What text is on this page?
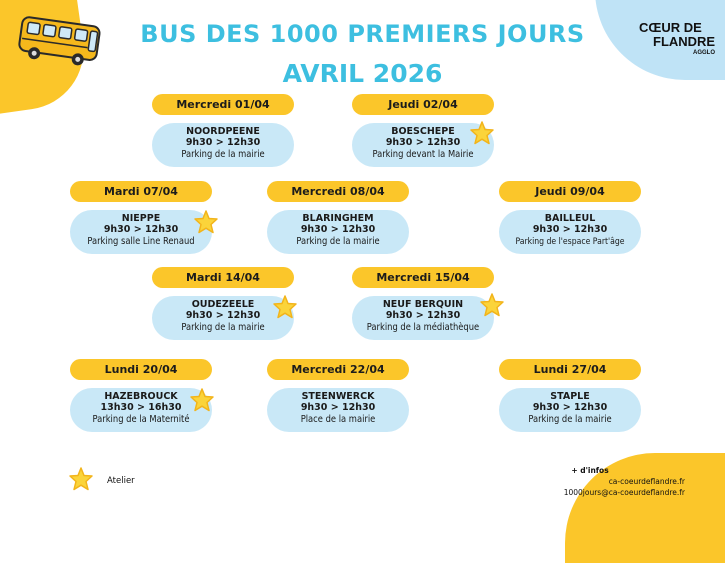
BUS DES 1000 PREMIERS JOURS
AVRIL 2026
CŒUR DE
FLANDRE
AGGLO
Mercredi 01/04
NOORDPEENE
9h30 > 12h30
Parking de la mairie
Jeudi 02/04
BOESCHEPE
9h30 > 12h30
Parking devant la Mairie
Mardi 07/04
NIEPPE
9h30 > 12h30
Parking salle Line Renaud
Mercredi 08/04
BLARINGHEM
9h30 > 12h30
Parking de la mairie
Jeudi 09/04
BAILLEUL
9h30 > 12h30
Parking de l'espace Part'âge
Mardi 14/04
OUDEZEELE
9h30 > 12h30
Parking de la mairie
Mercredi 15/04
NEUF BERQUIN
9h30 > 12h30
Parking de la médiathèque
Lundi 20/04
HAZEBROUCK
13h30 > 16h30
Parking de la Maternité
Mercredi 22/04
STEENWERCK
9h30 > 12h30
Place de la mairie
Lundi 27/04
STAPLE
9h30 > 12h30
Parking de la mairie
Atelier
+ d'infos
ca-coeurdeflandre.fr
1000jours@ca-coeurdeflandre.fr
